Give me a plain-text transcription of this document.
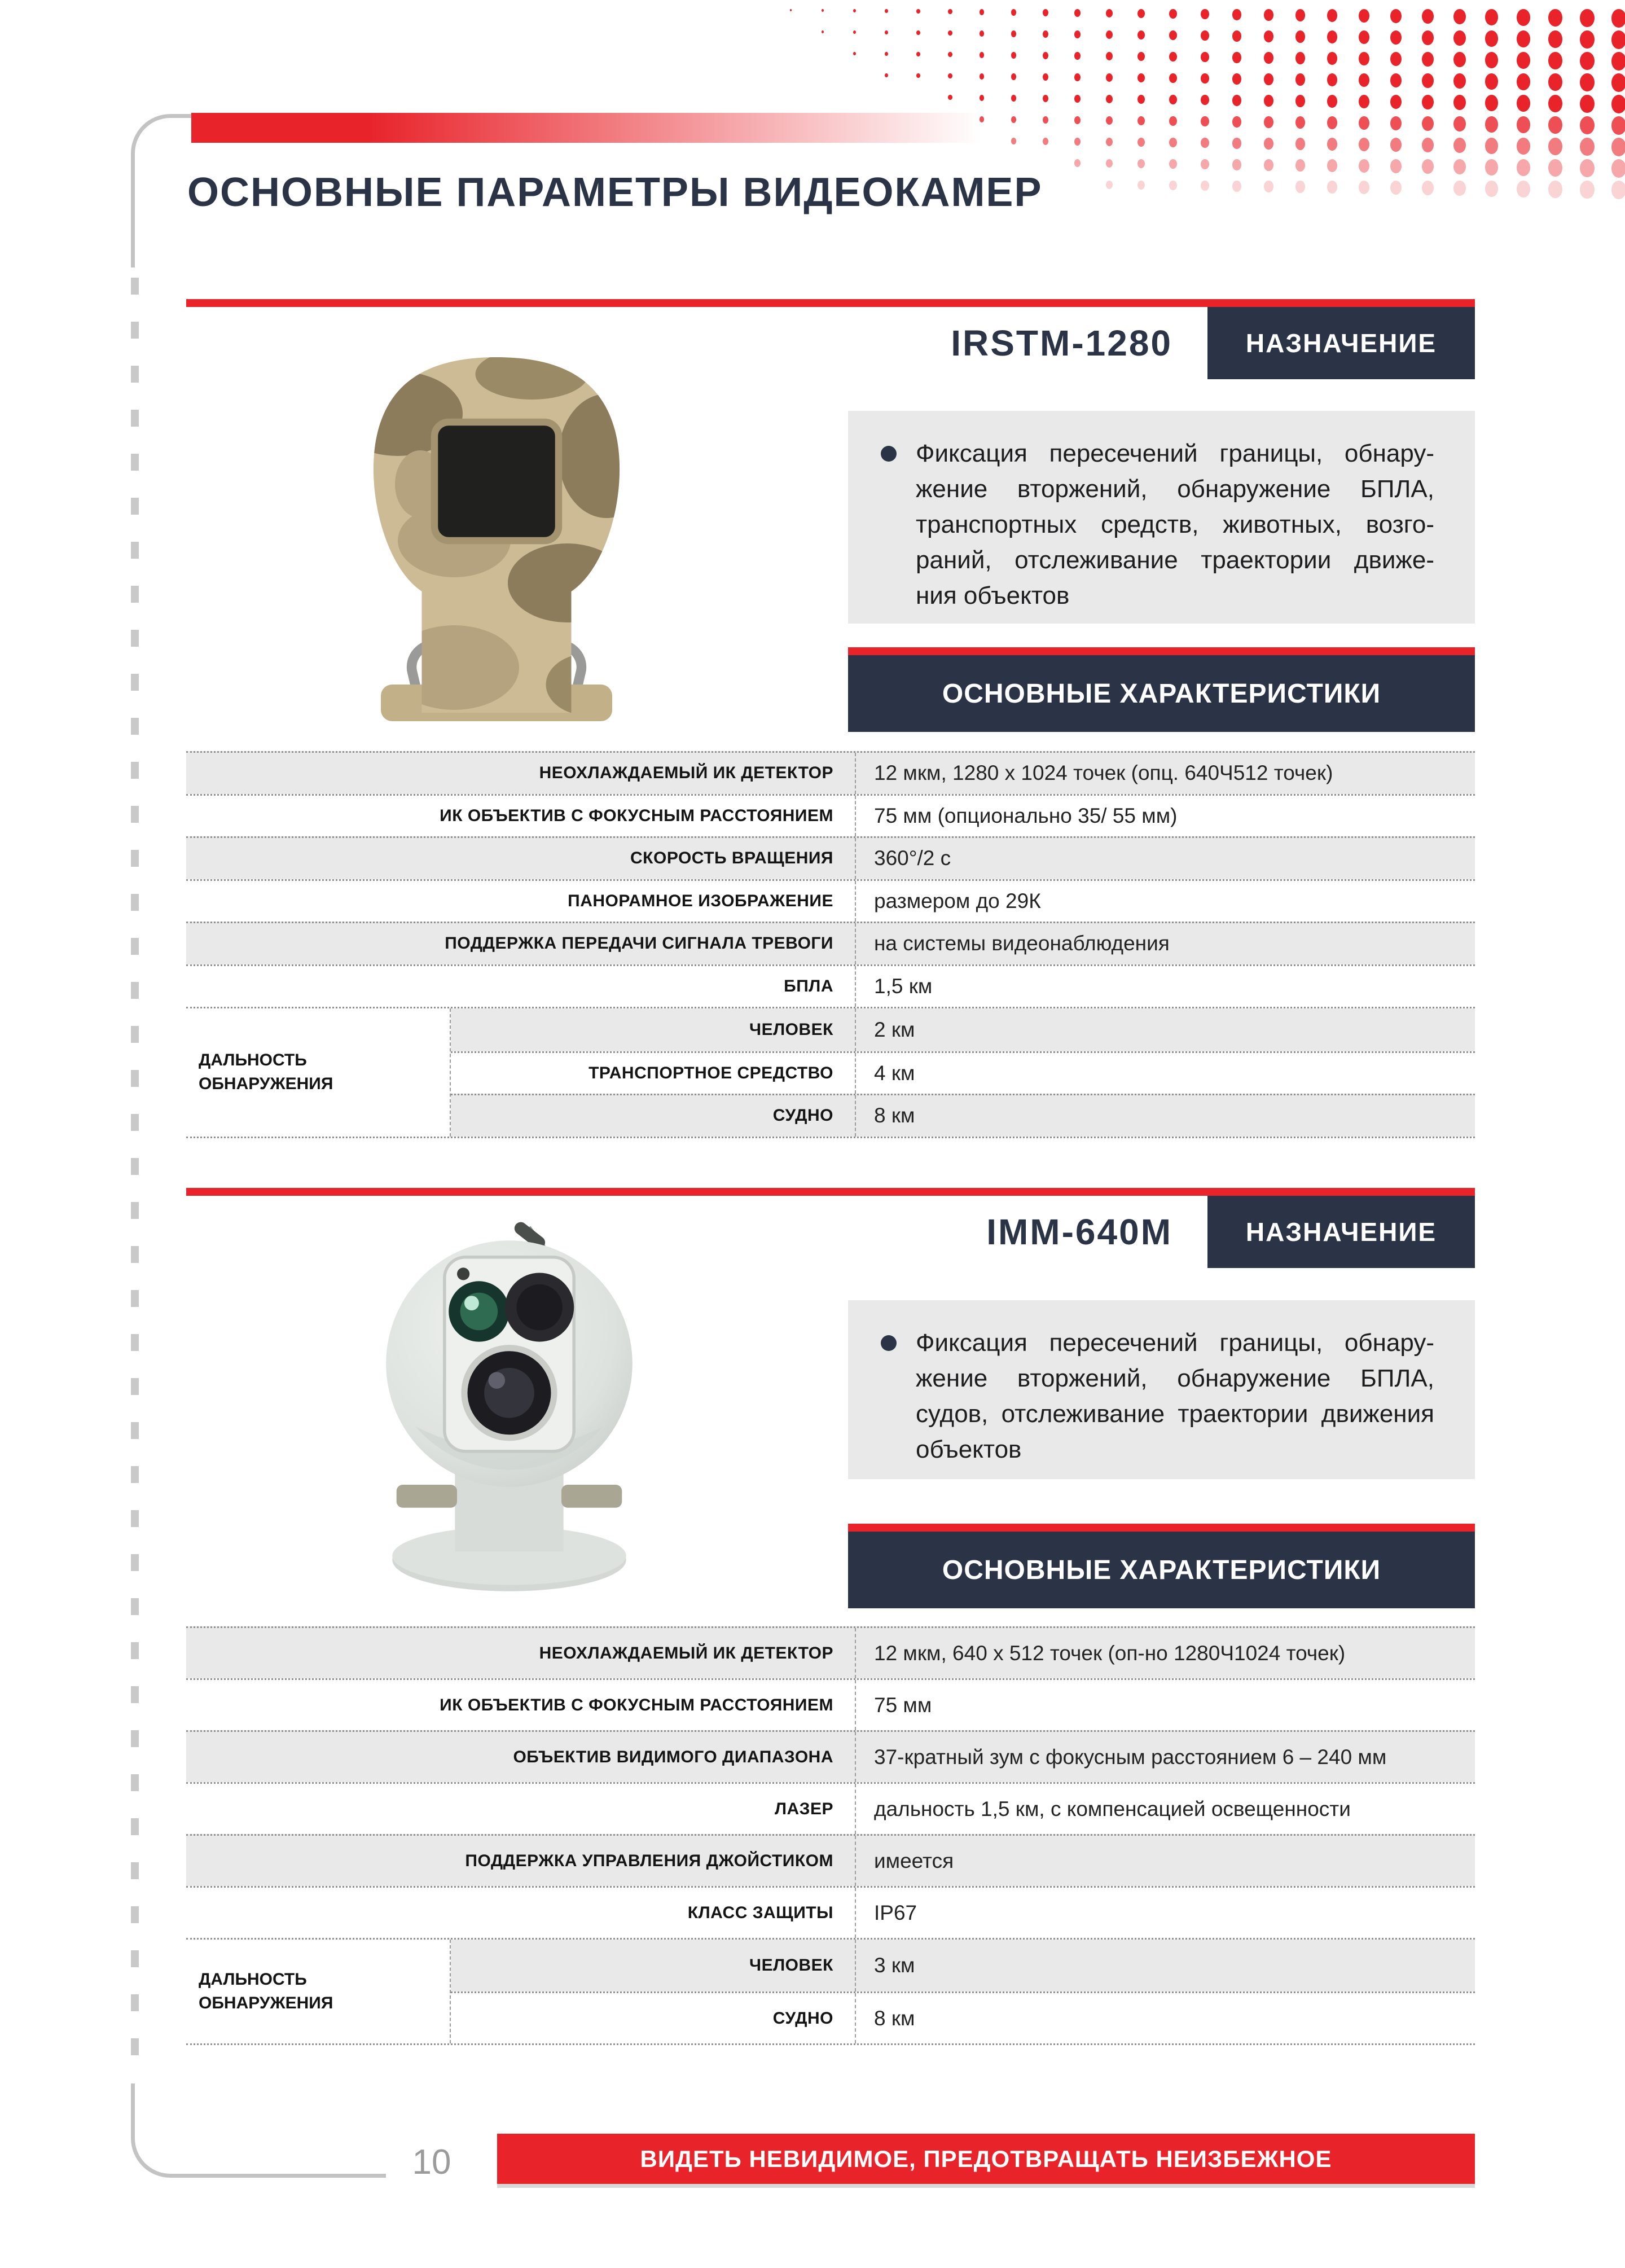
ОСНОВНЫЕ ПАРАМЕТРЫ ВИДЕОКАМЕР
IRSTM-1280	НАЗНАЧЕНИЕ
Фиксация пересечений границы, обнару-
жение вторжений, обнаружение БПЛА,
транспортных средств, животных, возго-
раний, отслеживание траектории движе-
ния объектов
ОСНОВНЫЕ ХАРАКТЕРИСТИКИ
НЕОХЛАЖДАЕМЫЙ ИК ДЕТЕКТОР	12 мкм, 1280 x 1024 точек (опц. 640Ч512 точек)
ИК ОБЪЕКТИВ С ФОКУСНЫМ РАССТОЯНИЕМ	75 мм (опционально 35/ 55 мм)
СКОРОСТЬ ВРАЩЕНИЯ	360°/2 с
ПАНОРАМНОЕ ИЗОБРАЖЕНИЕ	размером до 29К
ПОДДЕРЖКА ПЕРЕДАЧИ СИГНАЛА ТРЕВОГИ	на системы видеонаблюдения
БПЛА	1,5 км
ДАЛЬНОСТЬ
ОБНАРУЖЕНИЯ
ЧЕЛОВЕК	2 км
ТРАНСПОРТНОЕ СРЕДСТВО	4 км
СУДНО	8 км
IMM-640M	НАЗНАЧЕНИЕ
Фиксация пересечений границы, обнару-
жение вторжений, обнаружение БПЛА,
судов, отслеживание траектории движения
объектов
ОСНОВНЫЕ ХАРАКТЕРИСТИКИ
НЕОХЛАЖДАЕМЫЙ ИК ДЕТЕКТОР	12 мкм, 640 x 512 точек (оп-но 1280Ч1024 точек)
ИК ОБЪЕКТИВ С ФОКУСНЫМ РАССТОЯНИЕМ	75 мм
ОБЪЕКТИВ ВИДИМОГО ДИАПАЗОНА	37-кратный зум с фокусным расстоянием 6 – 240 мм
ЛАЗЕР	дальность 1,5 км, с компенсацией освещенности
ПОДДЕРЖКА УПРАВЛЕНИЯ ДЖОЙСТИКОМ	имеется
КЛАСС ЗАЩИТЫ	IP67
ДАЛЬНОСТЬ
ОБНАРУЖЕНИЯ
ЧЕЛОВЕК	3 км
СУДНО	8 км
10	ВИДЕТЬ НЕВИДИМОЕ, ПРЕДОТВРАЩАТЬ НЕИЗБЕЖНОЕ
